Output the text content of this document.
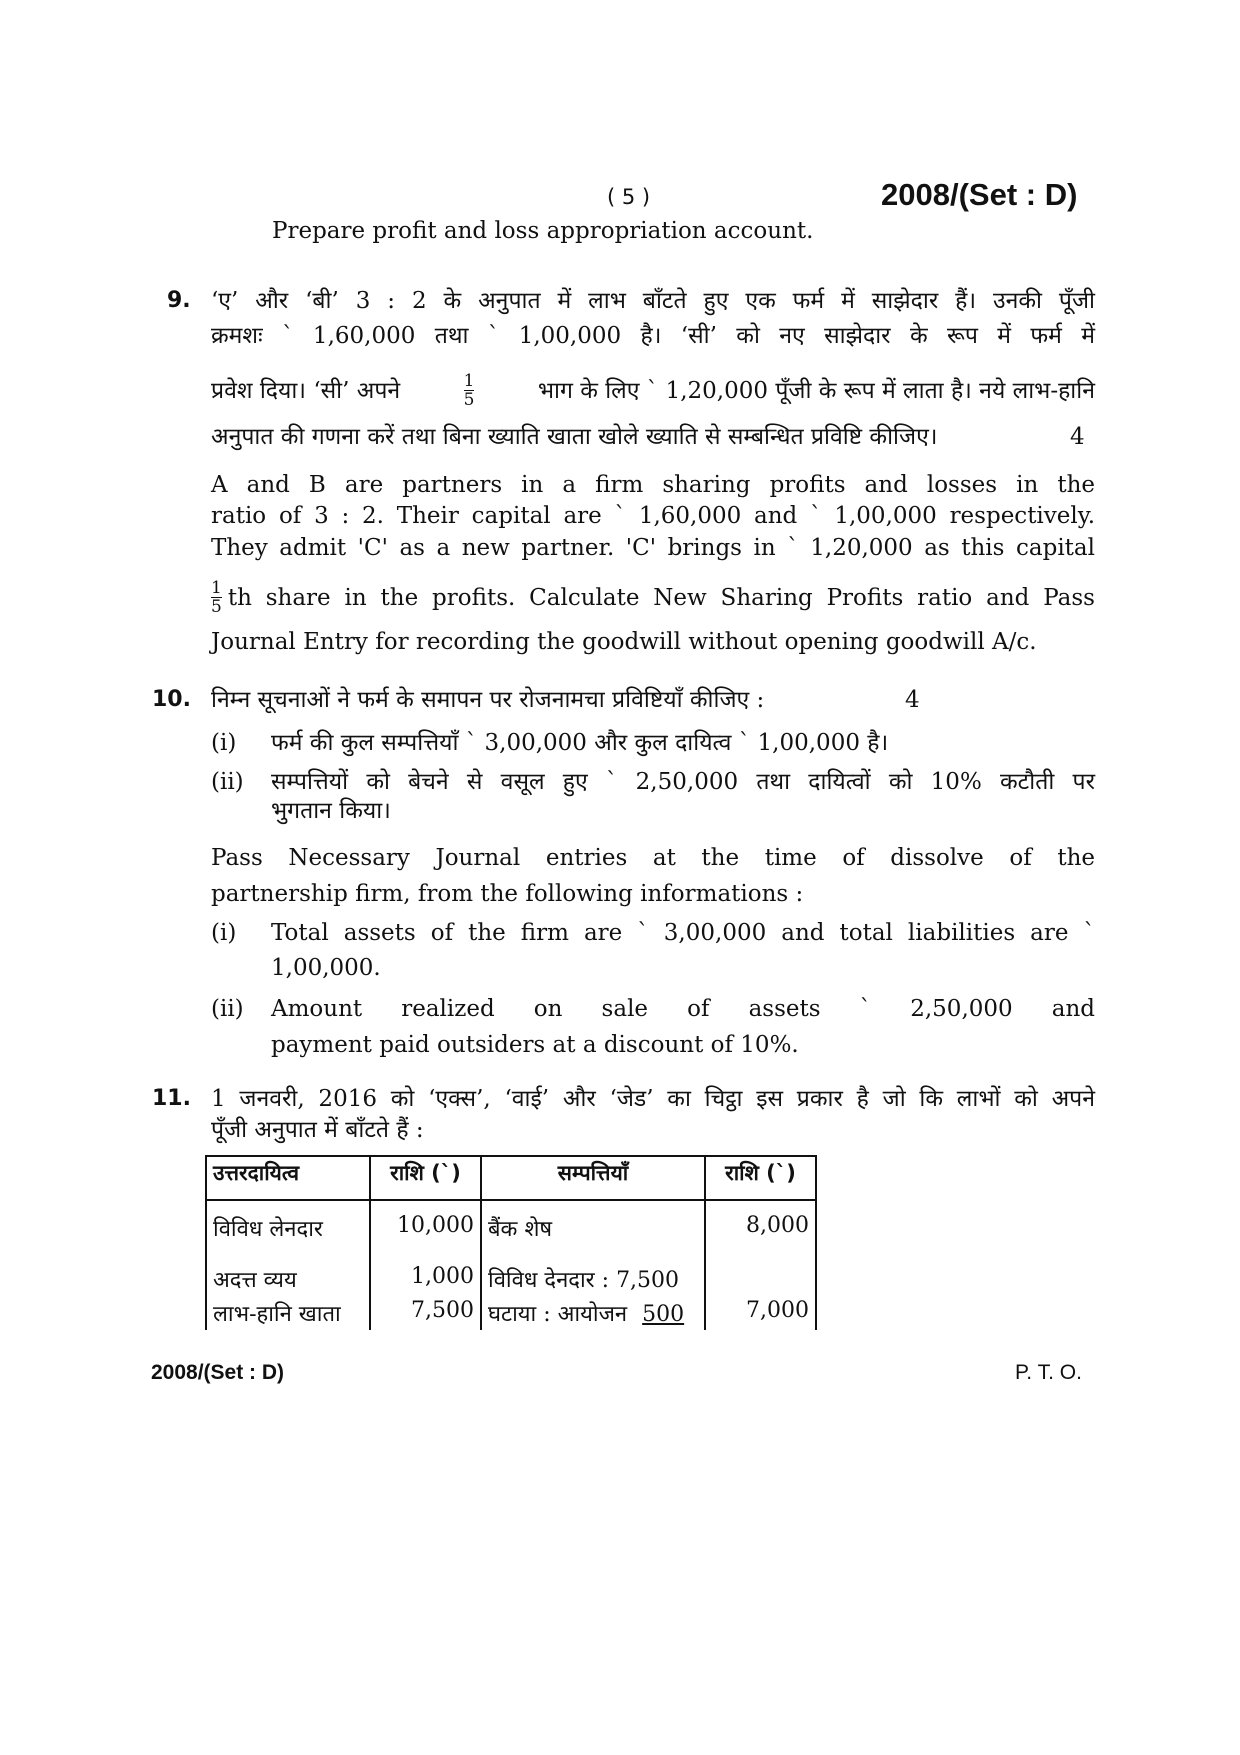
( 5 )	2008/(Set : D)
Prepare profit and loss appropriation account.
9. ‘ए’ और ‘बी’ 3 : 2 के अनुपात में लाभ बाँटते हुए एक फर्म में साझेदार हैं। उनकी पूँजी
क्रमशः ` 1,60,000 तथा ` 1,00,000 है। ‘सी’ को नए साझेदार के रूप में फर्म में
प्रवेश दिया। ‘सी’ अपने	$\frac{1}{5}$	भाग के लिए ` 1,20,000 पूँजी के रूप में लाता है। नये लाभ-हानि
अनुपात की गणना करें तथा बिना ख्याति खाता खोले ख्याति से सम्बन्धित प्रविष्टि कीजिए।	4
A and B are partners in a firm sharing profits and losses in the
ratio of 3 : 2. Their capital are ` 1,60,000 and ` 1,00,000 respectively.
They admit 'C' as a new partner. 'C' brings in ` 1,20,000 as this capital
$\frac{1}{5}$ th share in the profits. Calculate New Sharing Profits ratio and Pass
Journal Entry for recording the goodwill without opening goodwill A/c.
10. निम्न सूचनाओं ने फर्म के समापन पर रोजनामचा प्रविष्टियाँ कीजिए :	4
(i) फर्म की कुल सम्पत्तियाँ ` 3,00,000 और कुल दायित्व ` 1,00,000 है।
(ii) सम्पत्तियों को बेचने से वसूल हुए ` 2,50,000 तथा दायित्वों को 10% कटौती पर
भुगतान किया।
Pass Necessary Journal entries at the time of dissolve of the
partnership firm, from the following informations :
(i) Total assets of the firm are ` 3,00,000 and total liabilities are `
1,00,000.
(ii) Amount realized on sale of assets ` 2,50,000 and
payment paid outsiders at a discount of 10%.
11. 1 जनवरी, 2016 को ‘एक्स’, ‘वाई’ और ‘जेड’ का चिट्ठा इस प्रकार है जो कि लाभों को अपने
पूँजी अनुपात में बाँटते हैं :
उत्तरदायित्व	राशि (`)	सम्पत्तियाँ	राशि (`)
विविध लेनदार	10,000	बैंक शेष	8,000
अदत्त व्यय	1,000	विविध देनदार : 7,500	
लाभ-हानि खाता	7,500	घटाया : आयोजन 500	7,000
2008/(Set : D)	P. T. O.
